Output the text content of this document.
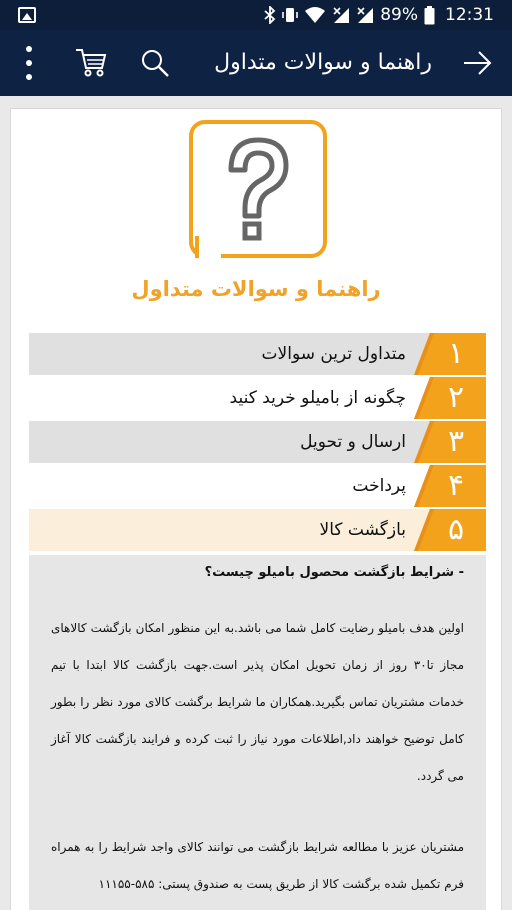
89% 12:31
راهنما و سوالات متداول
راهنما و سوالات متداول
۱
متداول ترین سوالات
۲
چگونه از بامیلو خرید کنید
۳
ارسال و تحویل
۴
پرداخت
۵
بازگشت کالا
- شرایط بازگشت محصول بامیلو چیست؟

اولین هدف بامیلو رضایت کامل شما می باشد.به این منظور امکان بازگشت کالاهای مجاز تا۳۰ روز از زمان تحویل امکان پذیر است.جهت بازگشت کالا ابتدا با تیم خدمات مشتریان تماس بگیرید.همکاران ما شرایط برگشت کالای مورد نظر را بطور کامل توضیح خواهند داد,اطلاعات مورد نیاز را ثبت کرده و فرایند بازگشت کالا آغاز می گردد.

مشتریان عزیز با مطالعه شرایط بازگشت می توانند کالای واجد شرایط را به همراه فرم تکمیل شده برگشت کالا از طریق پست به صندوق پستی: ۵۸۵-۱۱۱۵۵
